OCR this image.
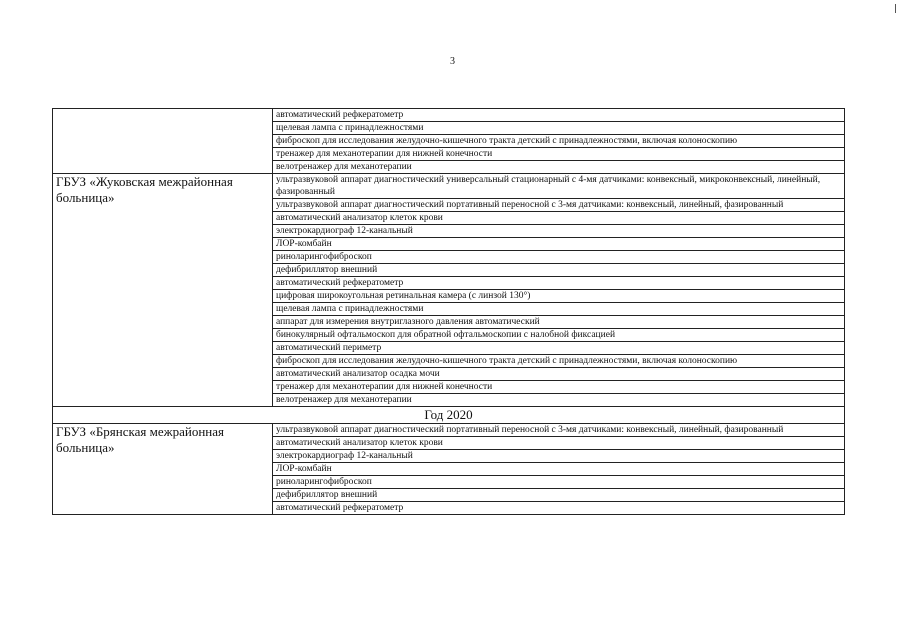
3
	автоматический рефкератометр
	щелевая лампа с принадлежностями
	фиброскоп для исследования желудочно-кишечного тракта детский с принадлежностями, включая колоноскопию
	тренажер для механотерапии для нижней конечности
	велотренажер для механотерапии
ГБУЗ «Жуковская межрайонная больница»	ультразвуковой аппарат диагностический универсальный стационарный с 4-мя датчиками: конвексный, микроконвексный, линейный, фазированный
	ультразвуковой аппарат диагностический портативный переносной с 3-мя датчиками: конвексный, линейный, фазированный
	автоматический анализатор клеток крови
	электрокардиограф 12-канальный
	ЛОР-комбайн
	риноларингофиброскоп
	дефибриллятор внешний
	автоматический рефкератометр
	цифровая широкоугольная ретинальная камера (с линзой 130°)
	щелевая лампа с принадлежностями
	аппарат для измерения внутриглазного давления автоматический
	бинокулярный офтальмоскоп для обратной офтальмоскопии с налобной фиксацией
	автоматический периметр
	фиброскоп для исследования желудочно-кишечного тракта детский с принадлежностями, включая колоноскопию
	автоматический анализатор осадка мочи
	тренажер для механотерапии для нижней конечности
	велотренажер для механотерапии
Год 2020	
ГБУЗ «Брянская межрайонная больница»	ультразвуковой аппарат диагностический портативный переносной с 3-мя датчиками: конвексный, линейный, фазированный
	автоматический анализатор клеток крови
	электрокардиограф 12-канальный
	ЛОР-комбайн
	риноларингофиброскоп
	дефибриллятор внешний
	автоматический рефкератометр
